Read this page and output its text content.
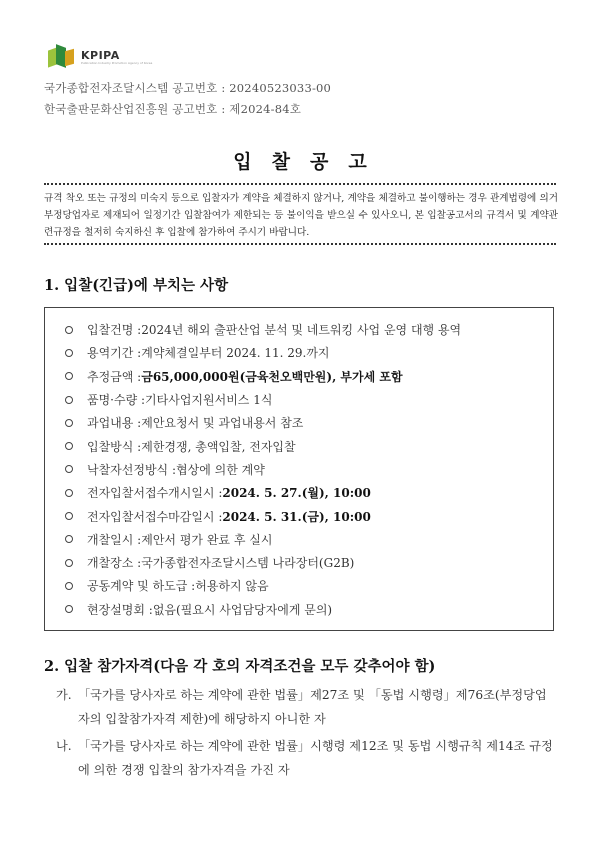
KPIPA
Publication Industry Promotion Agency of Korea
국가종합전자조달시스템 공고번호 : 20240523033-00
한국출판문화산업진흥원 공고번호 : 제2024-84호
입찰공고

규격 착오 또는 규정의 미숙지 등으로 입찰자가 계약을 체결하지 않거나, 계약을 체결하고 불이행하는 경우 관계법령에 의거 부정당업자로 제재되어 일정기간 입찰참여가 제한되는 등 불이익을 받으실 수 있사오니, 본 입찰공고서의 규격서 및 계약관련규정을 철저히 숙지하신 후 입찰에 참가하여 주시기 바랍니다.

1. 입찰(긴급)에 부치는 사항
입찰건명 : 2024년 해외 출판산업 분석 및 네트워킹 사업 운영 대행 용역
용역기간 : 계약체결일부터 2024. 11. 29.까지
추정금액 : 금65,000,000원(금육천오백만원), 부가세 포함
품명·수량 : 기타사업지원서비스 1식
과업내용 : 제안요청서 및 과업내용서 참조
입찰방식 : 제한경쟁, 총액입찰, 전자입찰
낙찰자선정방식 : 협상에 의한 계약
전자입찰서접수개시일시 : 2024. 5. 27.(월), 10:00
전자입찰서접수마감일시 : 2024. 5. 31.(금), 10:00
개찰일시 : 제안서 평가 완료 후 실시
개찰장소 : 국가종합전자조달시스템 나라장터(G2B)
공동계약 및 하도급 : 허용하지 않음
현장설명회 : 없음(필요시 사업담당자에게 문의)
2. 입찰 참가자격(다음 각 호의 자격조건을 모두 갖추어야 함)
가. 「국가를 당사자로 하는 계약에 관한 법률」제27조 및 「동법 시행령」제76조(부정당업자의 입찰참가자격 제한)에 해당하지 아니한 자

나. 「국가를 당사자로 하는 계약에 관한 법률」시행령 제12조 및 동법 시행규칙 제14조 규정에 의한 경쟁 입찰의 참가자격을 가진 자
